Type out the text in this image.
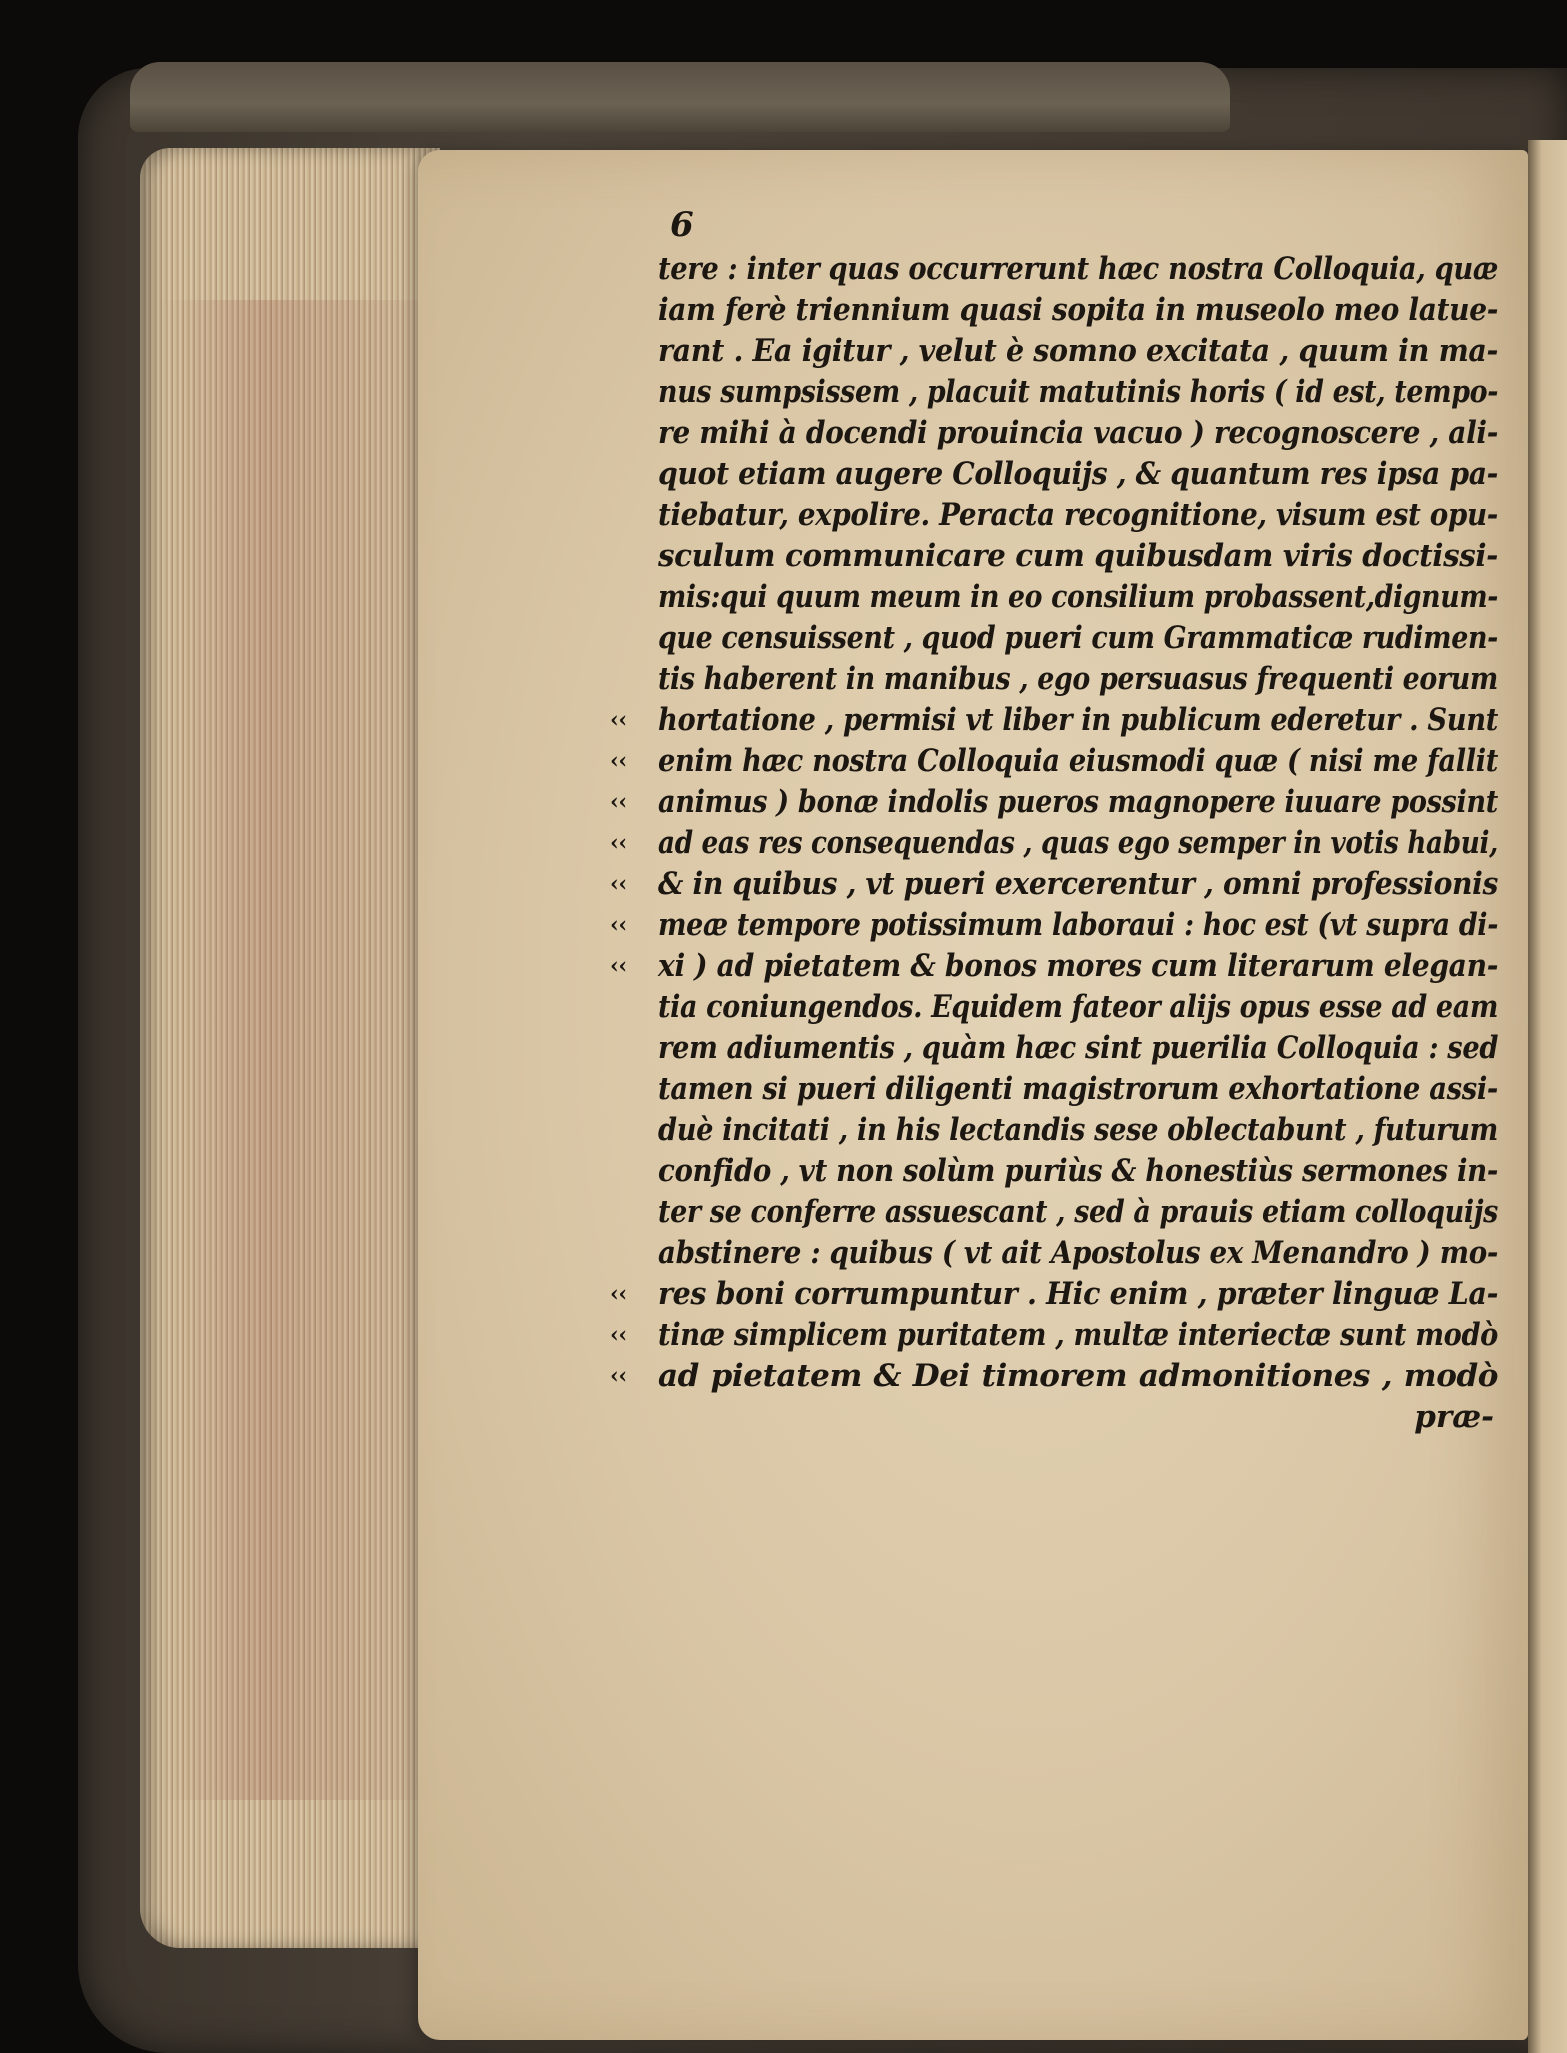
6
tere : inter quas occurrerunt hæc nostra Colloquia, quæ
iam ferè triennium quasi sopita in museolo meo latue-
rant . Ea igitur , velut è somno excitata , quum in ma-
nus sumpsissem , placuit matutinis horis ( id est, tempo-
re mihi à docendi prouincia vacuo ) recognoscere , ali-
quot etiam augere Colloquijs , & quantum res ipsa pa-
tiebatur, expolire. Peracta recognitione, visum est opu-
sculum communicare cum quibusdam viris doctissi-
mis:qui quum meum in eo consilium probassent,dignum-
que censuissent , quod pueri cum Grammaticæ rudimen-
tis haberent in manibus , ego persuasus frequenti eorum
hortatione , permisi vt liber in publicum ederetur . Sunt
‹‹
enim hæc nostra Colloquia eiusmodi quæ ( nisi me fallit
‹‹
animus ) bonæ indolis pueros magnopere iuuare possint
‹‹
ad eas res consequendas , quas ego semper in votis habui,
‹‹
& in quibus , vt pueri exercerentur , omni professionis
‹‹
meæ tempore potissimum laboraui : hoc est (vt supra di-
‹‹
xi ) ad pietatem & bonos mores cum literarum elegan-
‹‹
tia coniungendos. Equidem fateor alijs opus esse ad eam
rem adiumentis , quàm hæc sint puerilia Colloquia : sed
tamen si pueri diligenti magistrorum exhortatione assi-
duè incitati , in his lectandis sese oblectabunt , futurum
confido , vt non solùm puriùs & honestiùs sermones in-
ter se conferre assuescant , sed à prauis etiam colloquijs
abstinere : quibus ( vt ait Apostolus ex Menandro ) mo-
res boni corrumpuntur . Hic enim , præter linguæ La-
‹‹
tinæ simplicem puritatem , multæ interiectæ sunt modò
‹‹
ad pietatem & Dei timorem admonitiones , modò
‹‹
præ-
